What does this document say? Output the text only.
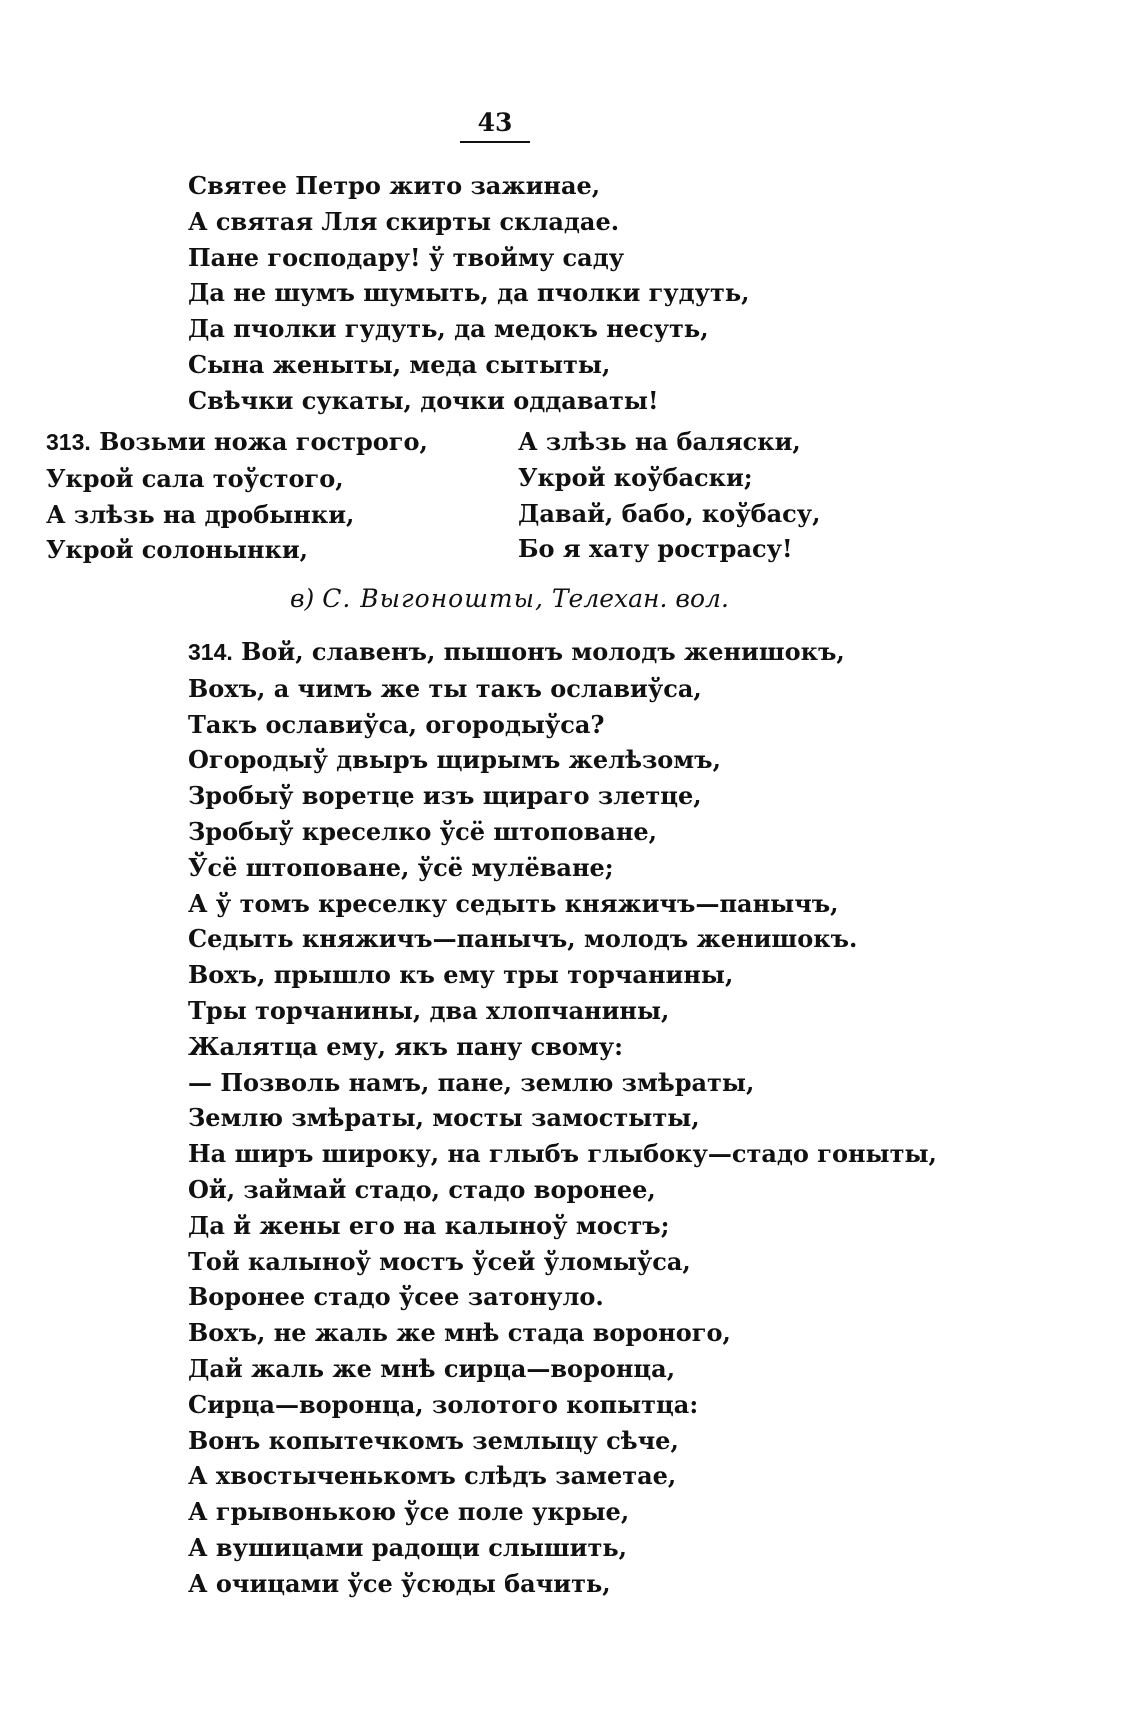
43
Святее Петро жито зажинае,
А святая Лля скирты складае.
Пане господару! ў твойму саду
Да не шумъ шумыть, да пчолки гудуть,
Да пчолки гудуть, да медокъ несуть,
Сына женыты, меда сытыты,
Свѣчки сукаты, дочки оддаваты!
313. Возьми ножа гострого,
Укрой сала тоўстого,
А злѣзь на дробынки,
Укрой солонынки,
А злѣзь на баляски,
Укрой коўбаски;
Давай, бабо, коўбасу,
Бо я хату рострасу!
в) С. Выгоношты, Телехан. вол.
314. Вой, славенъ, пышонъ молодъ женишокъ,
Вохъ, а чимъ же ты такъ ославиўса,
Такъ ославиўса, огородыўса?
Огородыў двыръ щирымъ желѣзомъ,
Зробыў воретце изъ щираго злетце,
Зробыў креселко ўсё штоповане,
Ўсё штоповане, ўсё мулёване;
А ў томъ креселку седыть княжичъ—панычъ,
Седыть княжичъ—панычъ, молодъ женишокъ.
Вохъ, прышло къ ему тры торчанины,
Тры торчанины, два хлопчанины,
Жалятца ему, якъ пану свому:
— Позволь намъ, пане, землю змѣраты,
Землю змѣраты, мосты замостыты,
На ширъ широку, на глыбъ глыбоку—стадо гоныты,
Ой, займай стадо, стадо воронее,
Да й жены его на калыноў мостъ;
Той калыноў мостъ ўсей ўломыўса,
Воронее стадо ўсее затонуло.
Вохъ, не жаль же мнѣ стада вороного,
Дай жаль же мнѣ сирца—воронца,
Сирца—воронца, золотого копытца:
Вонъ копытечкомъ землыцу сѣче,
А хвостыченькомъ слѣдъ заметае,
А грывонькою ўсе поле укрые,
А вушицами радощи слышить,
А очицами ўсе ўсюды бачить,
